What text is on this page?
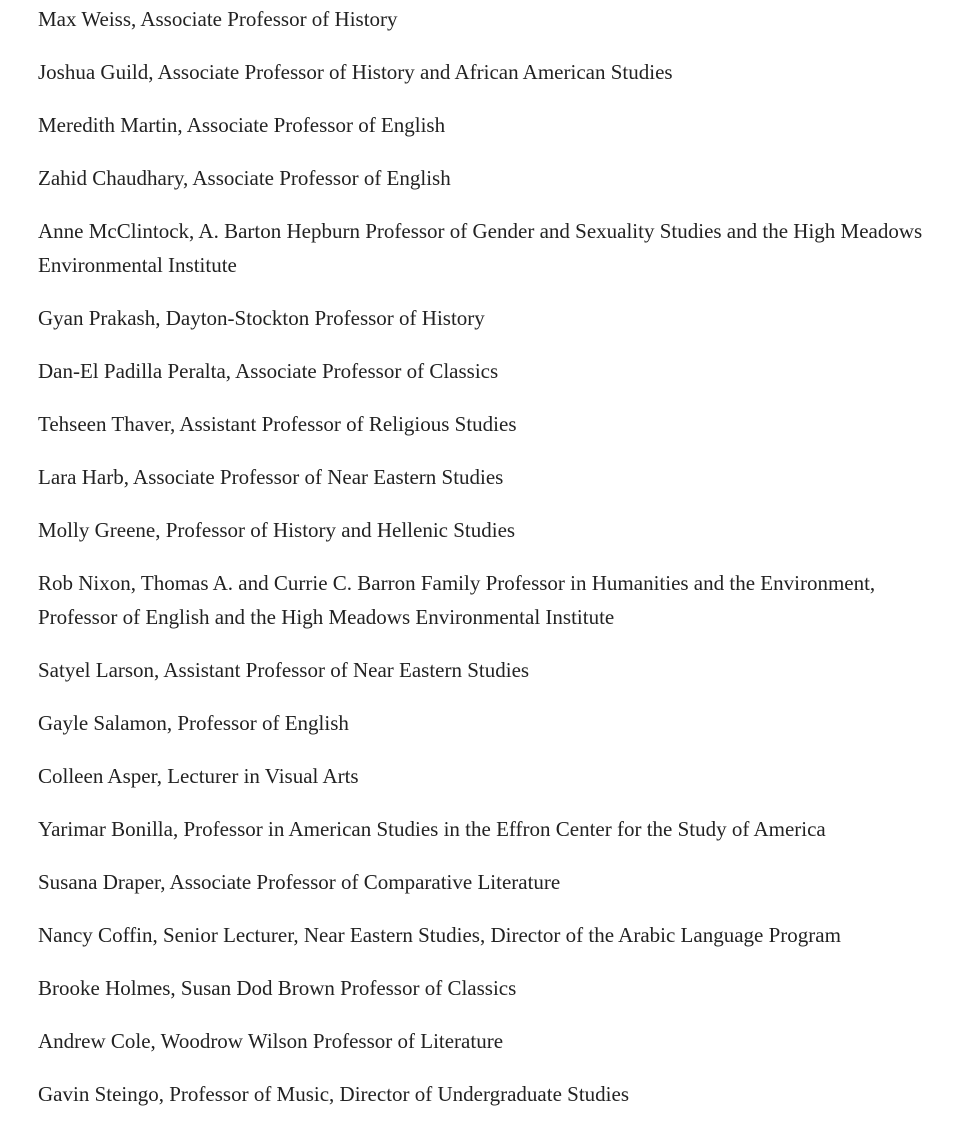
Max Weiss, Associate Professor of History

Joshua Guild, Associate Professor of History and African American Studies

Meredith Martin, Associate Professor of English

Zahid Chaudhary, Associate Professor of English

Anne McClintock, A. Barton Hepburn Professor of Gender and Sexuality Studies and the High Meadows Environmental Institute

Gyan Prakash, Dayton-Stockton Professor of History

Dan-El Padilla Peralta, Associate Professor of Classics

Tehseen Thaver, Assistant Professor of Religious Studies

Lara Harb, Associate Professor of Near Eastern Studies

Molly Greene, Professor of History and Hellenic Studies

Rob Nixon, Thomas A. and Currie C. Barron Family Professor in Humanities and the Environment, Professor of English and the High Meadows Environmental Institute

Satyel Larson, Assistant Professor of Near Eastern Studies

Gayle Salamon, Professor of English

Colleen Asper, Lecturer in Visual Arts

Yarimar Bonilla, Professor in American Studies in the Effron Center for the Study of America

Susana Draper, Associate Professor of Comparative Literature

Nancy Coffin, Senior Lecturer, Near Eastern Studies, Director of the Arabic Language Program

Brooke Holmes, Susan Dod Brown Professor of Classics

Andrew Cole, Woodrow Wilson Professor of Literature

Gavin Steingo, Professor of Music, Director of Undergraduate Studies
